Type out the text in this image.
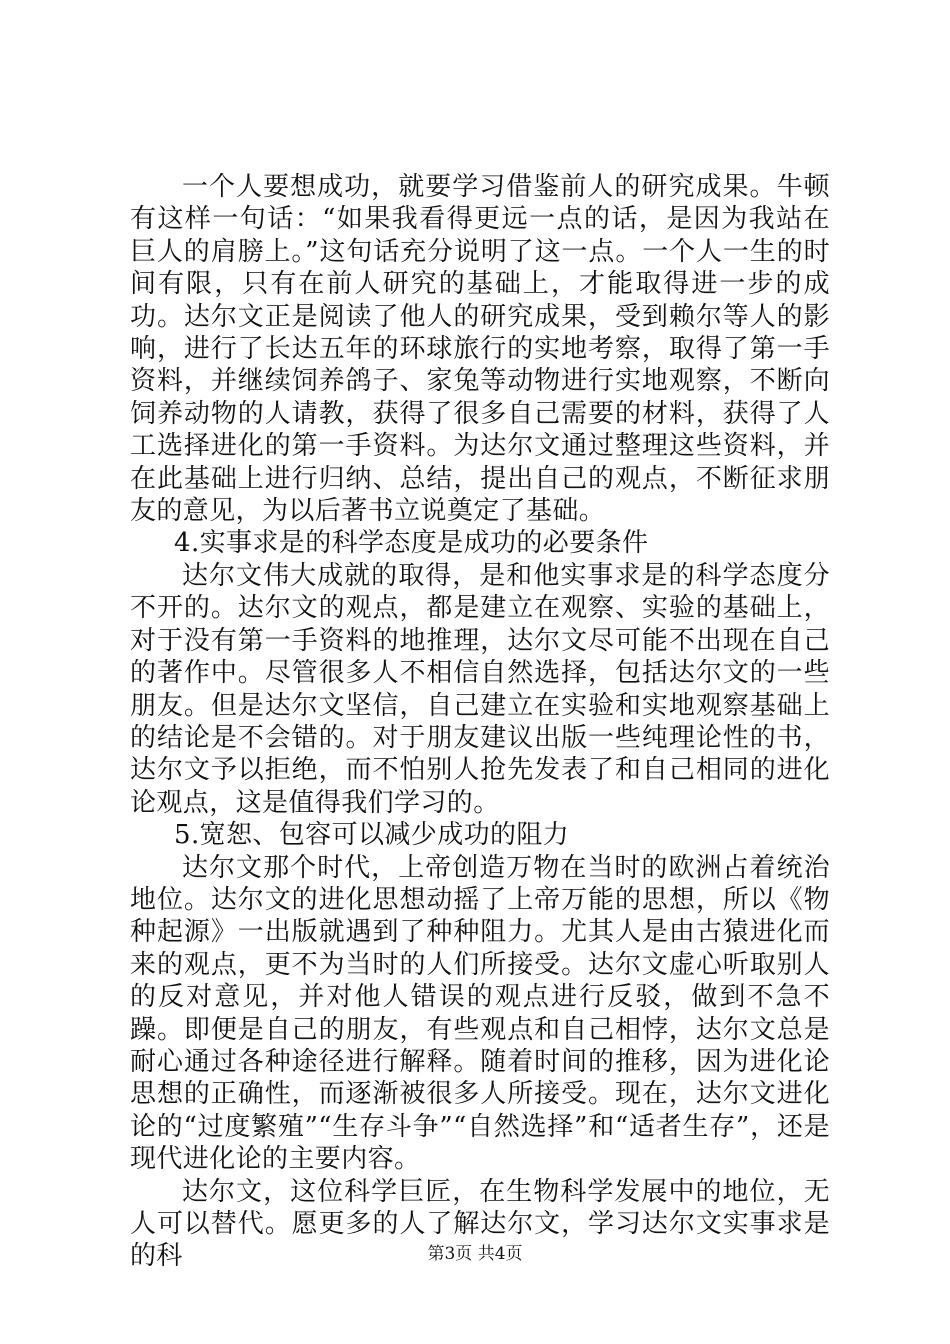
一个人要想成功，就要学习借鉴前人的研究成果。牛顿有这样一句话：“如果我看得更远一点的话，是因为我站在巨人的肩膀上。”这句话充分说明了这一点。一个人一生的时间有限，只有在前人研究的基础上，才能取得进一步的成功。达尔文正是阅读了他人的研究成果，受到赖尔等人的影响，进行了长达五年的环球旅行的实地考察，取得了第一手资料，并继续饲养鸽子、家兔等动物进行实地观察，不断向饲养动物的人请教，获得了很多自己需要的材料，获得了人工选择进化的第一手资料。为达尔文通过整理这些资料，并在此基础上进行归纳、总结，提出自己的观点，不断征求朋友的意见，为以后著书立说奠定了基础。

4.实事求是的科学态度是成功的必要条件

达尔文伟大成就的取得，是和他实事求是的科学态度分不开的。达尔文的观点，都是建立在观察、实验的基础上，对于没有第一手资料的地推理，达尔文尽可能不出现在自己的著作中。尽管很多人不相信自然选择，包括达尔文的一些朋友。但是达尔文坚信，自己建立在实验和实地观察基础上的结论是不会错的。对于朋友建议出版一些纯理论性的书，达尔文予以拒绝，而不怕别人抢先发表了和自己相同的进化论观点，这是值得我们学习的。

5.宽恕、包容可以减少成功的阻力

达尔文那个时代，上帝创造万物在当时的欧洲占着统治地位。达尔文的进化思想动摇了上帝万能的思想，所以《物种起源》一出版就遇到了种种阻力。尤其人是由古猿进化而来的观点，更不为当时的人们所接受。达尔文虚心听取别人的反对意见，并对他人错误的观点进行反驳，做到不急不躁。即便是自己的朋友，有些观点和自己相悖，达尔文总是耐心通过各种途径进行解释。随着时间的推移，因为进化论思想的正确性，而逐渐被很多人所接受。现在，达尔文进化论的“过度繁殖”“生存斗争”“自然选择”和“适者生存”，还是现代进化论的主要内容。

达尔文，这位科学巨匠，在生物科学发展中的地位，无人可以替代。愿更多的人了解达尔文，学习达尔文实事求是的科	第3页 共4页
